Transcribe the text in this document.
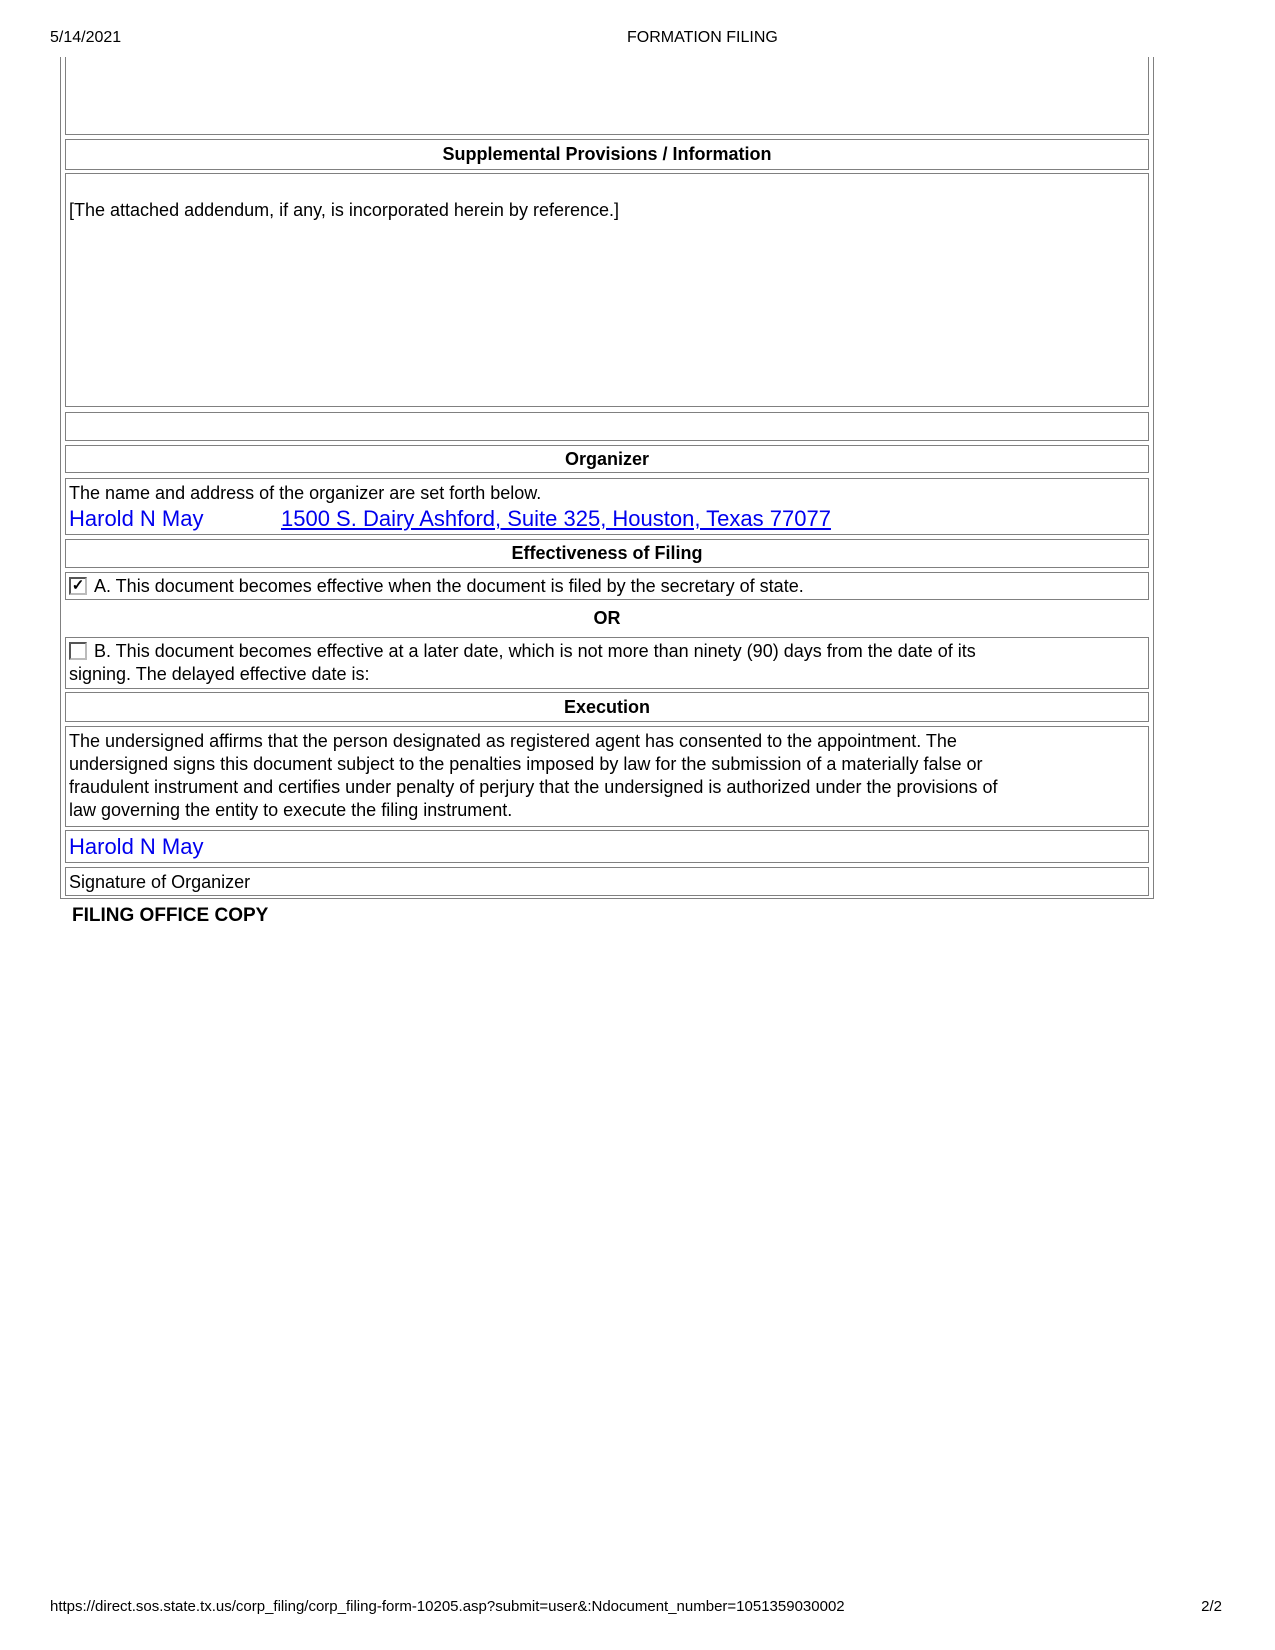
5/14/2021	FORMATION FILING
https://direct.sos.state.tx.us/corp_filing/corp_filing-form-10205.asp?submit=user&:Ndocument_number=1051359030002	2/2
Supplemental Provisions / Information
[The attached addendum, if any, is incorporated herein by reference.]
Organizer
The name and address of the organizer are set forth below.
Harold N May	1500 S. Dairy Ashford, Suite 325, Houston, Texas 77077
Effectiveness of Filing
✓ A. This document becomes effective when the document is filed by the secretary of state.
OR
B. This document becomes effective at a later date, which is not more than ninety (90) days from the date of its
signing. The delayed effective date is:
Execution
The undersigned affirms that the person designated as registered agent has consented to the appointment. The
undersigned signs this document subject to the penalties imposed by law for the submission of a materially false or
fraudulent instrument and certifies under penalty of perjury that the undersigned is authorized under the provisions of
law governing the entity to execute the filing instrument.
Harold N May
Signature of Organizer
FILING OFFICE COPY
